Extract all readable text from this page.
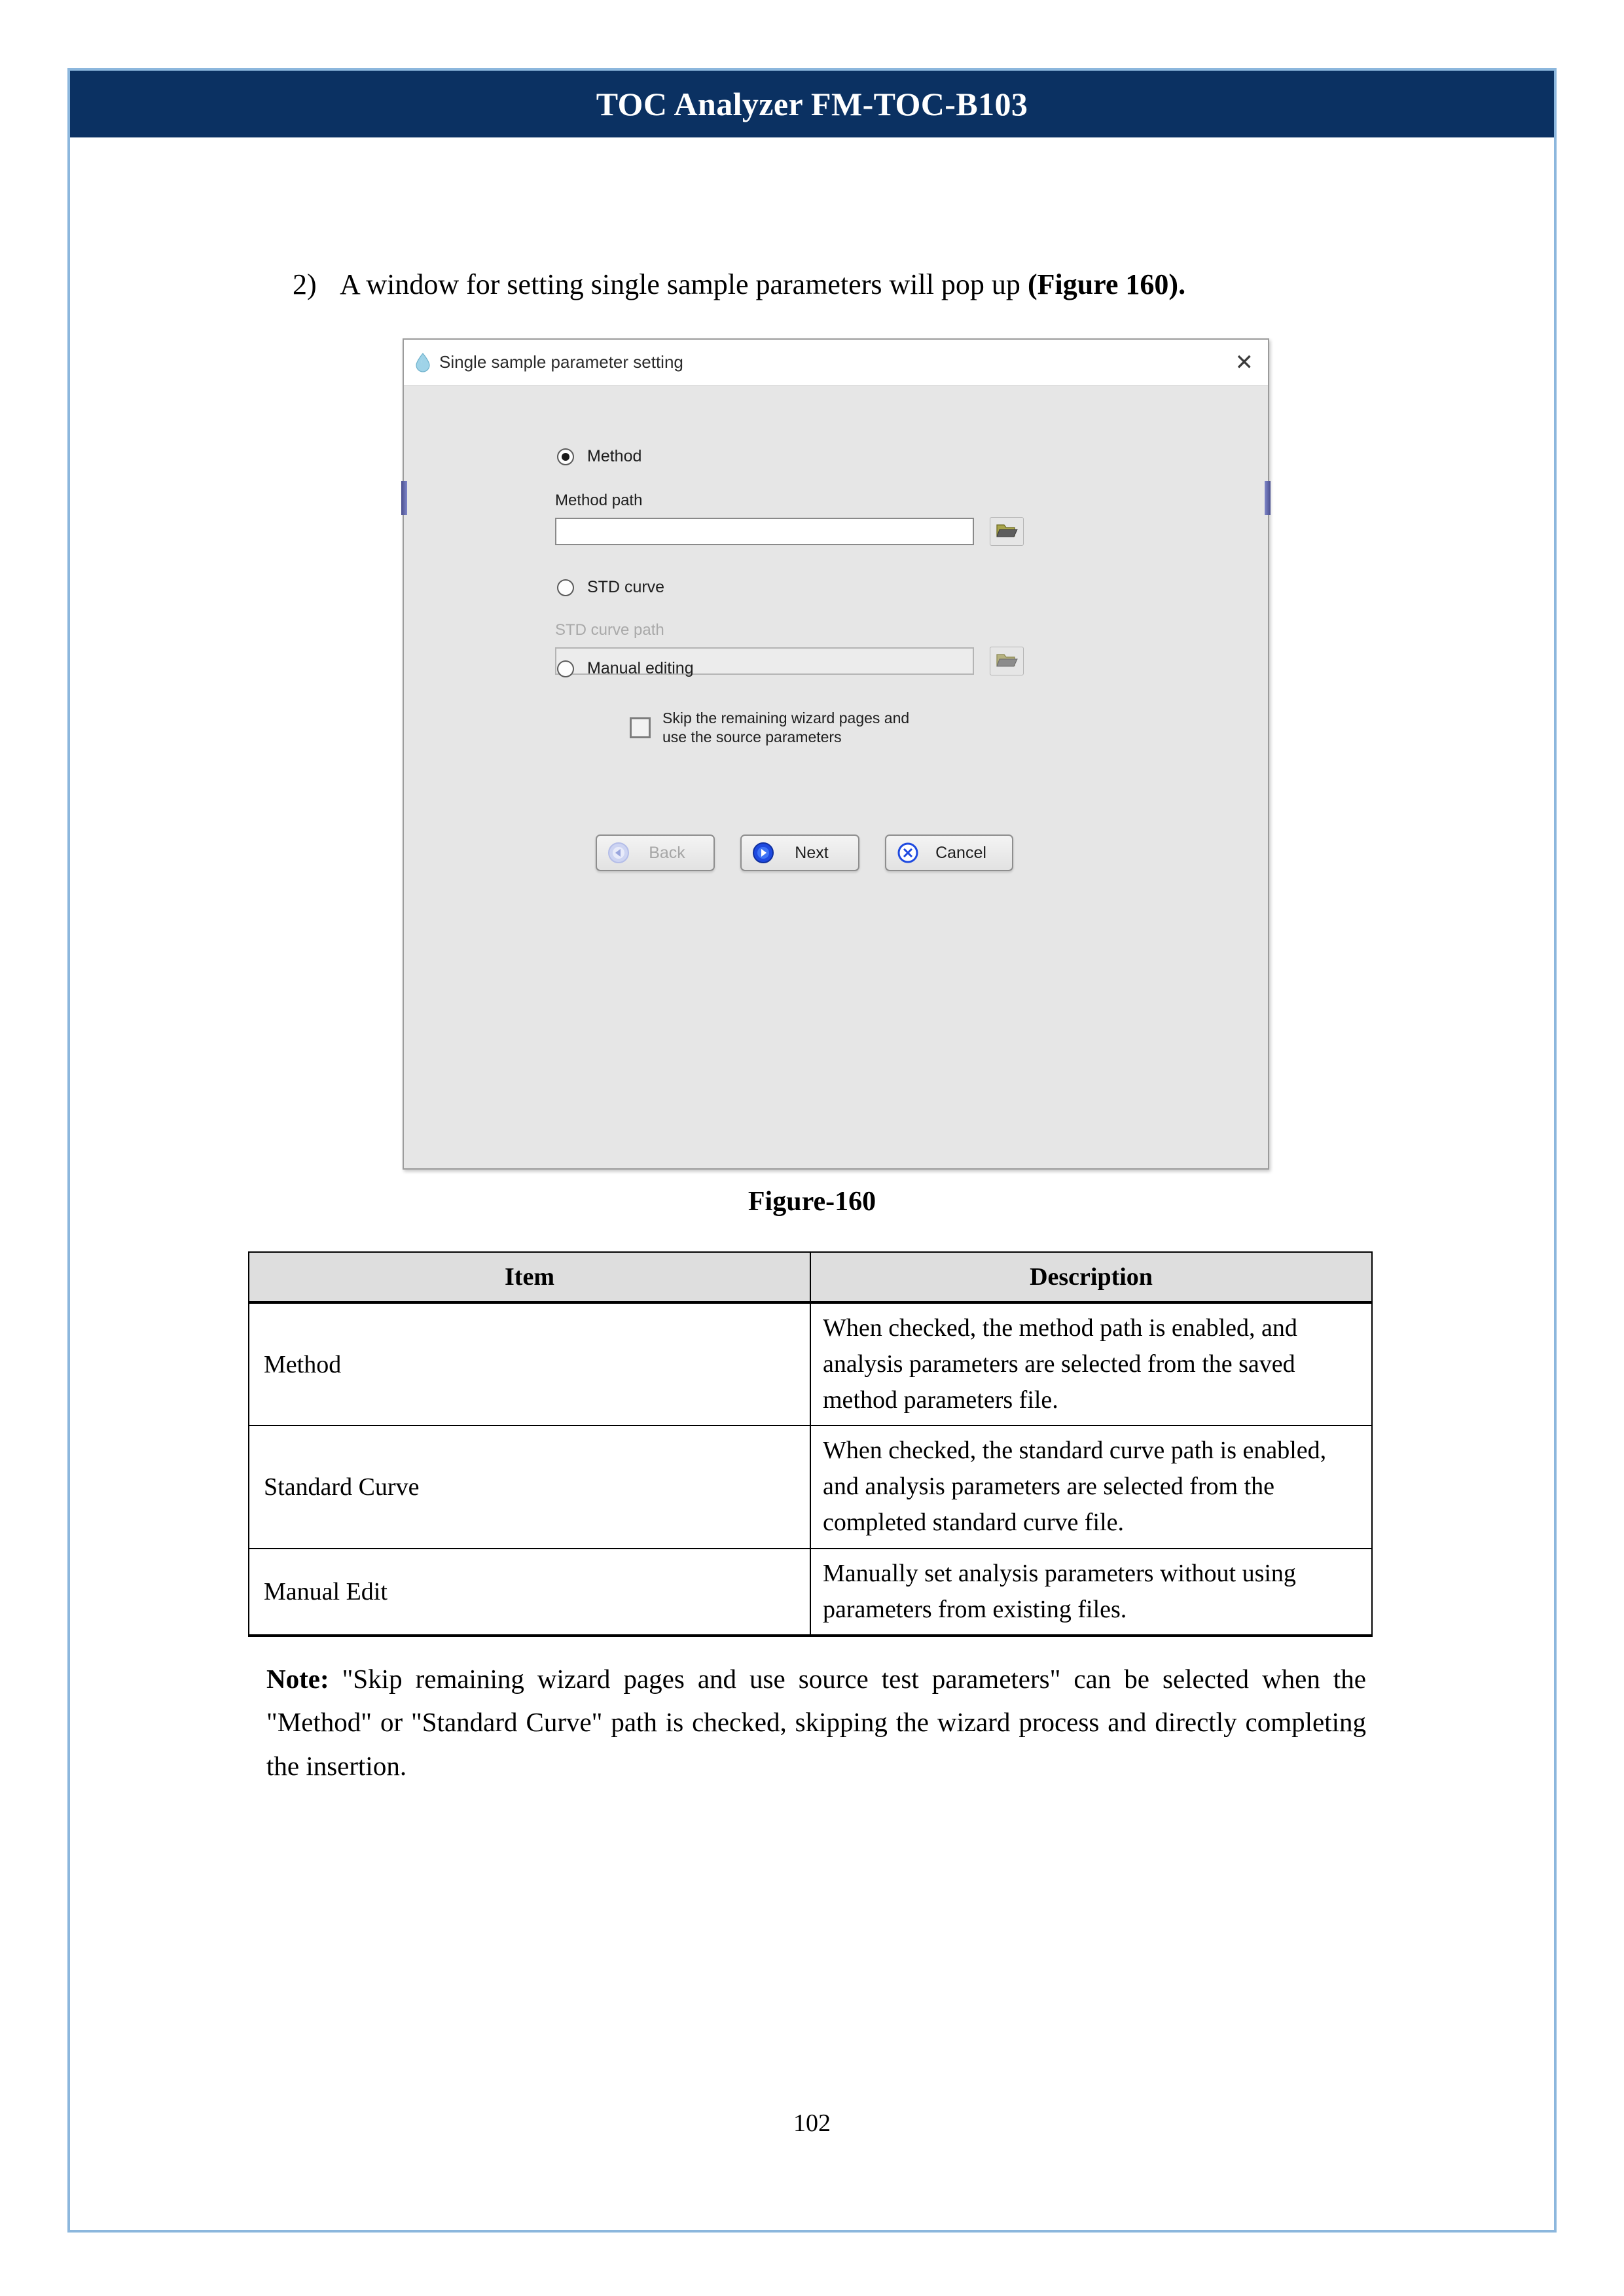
TOC Analyzer FM-TOC-B103
2) A window for setting single sample parameters will pop up (Figure 160).
Single sample parameter setting	✕
Method
Method path
STD curve
STD curve path
Manual editing
Skip the remaining wizard pages and
use the source parameters
Back	Next	Cancel
Figure-160
Item	Description
Method	When checked, the method path is enabled, and analysis parameters are selected from the saved method parameters file.
Standard Curve	When checked, the standard curve path is enabled, and analysis parameters are selected from the completed standard curve file.
Manual Edit	Manually set analysis parameters without using parameters from existing files.
Note: "Skip remaining wizard pages and use source test parameters" can be selected when the "Method" or "Standard Curve" path is checked, skipping the wizard process and directly completing the insertion.
102
